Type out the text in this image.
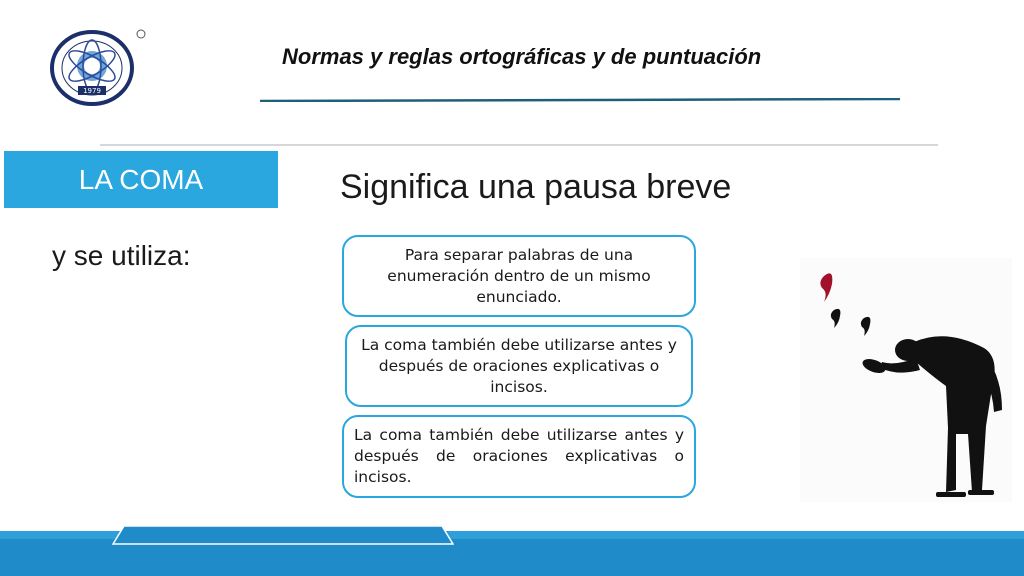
1979
Normas y reglas ortográficas y de puntuación
LA COMA	Significa una pausa breve
y se utiliza:	Para separar palabras de una enumeración dentro de un mismo enunciado.
La coma también debe utilizarse antes y después de oraciones explicativas o incisos.
La coma también debe utilizarse antes y después de oraciones explicativas o incisos.
